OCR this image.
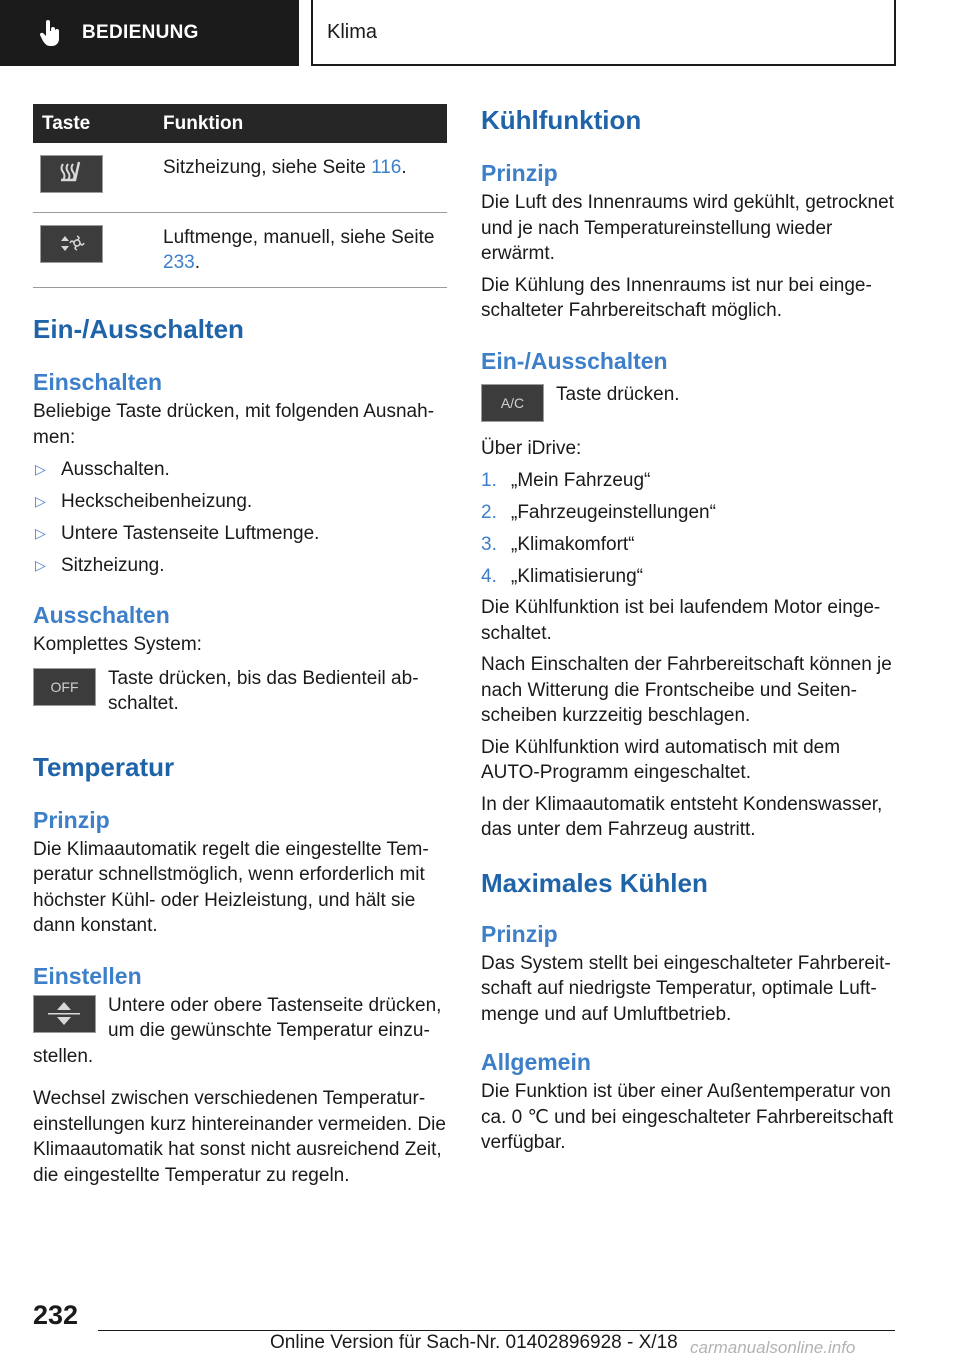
BEDIENUNG	Klima
Taste	Funktion

	Sitzheizung, siehe Seite 116.

	Luftmenge, manuell, siehe Seite 233.
Ein-/Ausschalten
Einschalten

Beliebige Taste drücken, mit folgenden Ausnahmen:

▷ Ausschalten.
▷ Heckscheibenheizung.
▷ Untere Tastenseite Luftmenge.
▷ Sitzheizung.
Ausschalten

Komplettes System:

OFF Taste drücken, bis das Bedienteil abschaltet.

Temperatur
Prinzip

Die Klimaautomatik regelt die eingestellte Temperatur schnellstmöglich, wenn erforderlich mit höchster Kühl- oder Heizleistung, und hält sie dann konstant.

Einstellen

Untere oder obere Tastenseite drücken, um die gewünschte Temperatur einzustellen.

Wechsel zwischen verschiedenen Temperatureinstellungen kurz hintereinander vermeiden. Die Klimaautomatik hat sonst nicht ausreichend Zeit, die eingestellte Temperatur zu regeln.

Kühlfunktion
Prinzip

Die Luft des Innenraums wird gekühlt, getrocknet und je nach Temperatureinstellung wieder erwärmt.

Die Kühlung des Innenraums ist nur bei eingeschalteter Fahrbereitschaft möglich.

Ein-/Ausschalten
A/C Taste drücken.

Über iDrive:

1. „Mein Fahrzeug“
2. „Fahrzeugeinstellungen“
3. „Klimakomfort“
4. „Klimatisierung“

Die Kühlfunktion ist bei laufendem Motor eingeschaltet.

Nach Einschalten der Fahrbereitschaft können je nach Witterung die Frontscheibe und Seitenscheiben kurzzeitig beschlagen.

Die Kühlfunktion wird automatisch mit dem AUTO-Programm eingeschaltet.

In der Klimaautomatik entsteht Kondenswasser, das unter dem Fahrzeug austritt.

Maximales Kühlen
Prinzip

Das System stellt bei eingeschalteter Fahrbereitschaft auf niedrigste Temperatur, optimale Luftmenge und auf Umluftbetrieb.

Allgemein

Die Funktion ist über einer Außentemperatur von ca. 0 ℃ und bei eingeschalteter Fahrbereitschaft verfügbar.

232
Online Version für Sach-Nr. 01402896928 - X/18 carmanualsonline.info
